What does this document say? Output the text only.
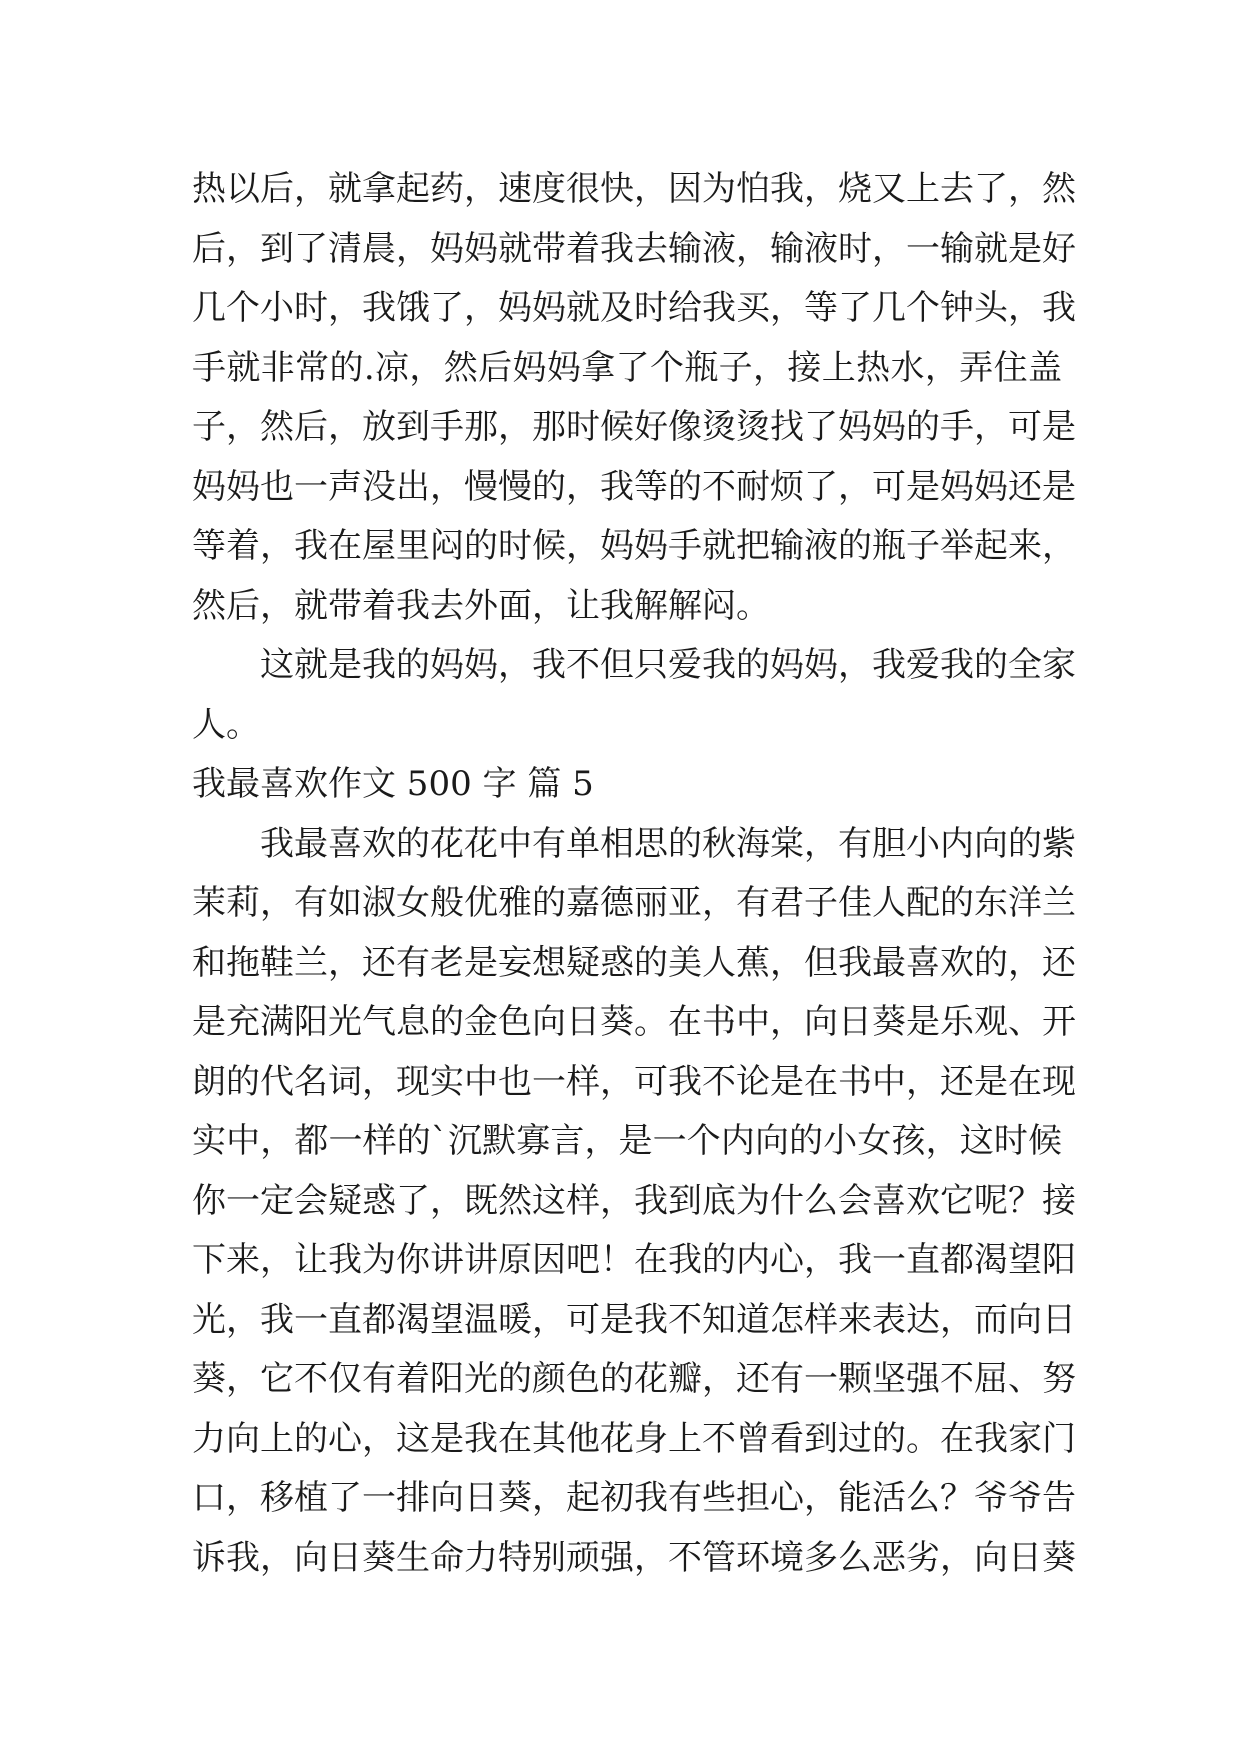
热以后，就拿起药，速度很快，因为怕我，烧又上去了，然
后，到了清晨，妈妈就带着我去输液，输液时，一输就是好
几个小时，我饿了，妈妈就及时给我买，等了几个钟头，我
手就非常的.凉，然后妈妈拿了个瓶子，接上热水，弄住盖
子，然后，放到手那，那时候好像烫烫找了妈妈的手，可是
妈妈也一声没出，慢慢的，我等的不耐烦了，可是妈妈还是
等着，我在屋里闷的时候，妈妈手就把输液的瓶子举起来，
然后，就带着我去外面，让我解解闷。
这就是我的妈妈，我不但只爱我的妈妈，我爱我的全家
人。
我最喜欢作文 500 字 篇 5
我最喜欢的花花中有单相思的秋海棠，有胆小内向的紫
茉莉，有如淑女般优雅的嘉德丽亚，有君子佳人配的东洋兰
和拖鞋兰，还有老是妄想疑惑的美人蕉，但我最喜欢的，还
是充满阳光气息的金色向日葵。在书中，向日葵是乐观、开
朗的代名词，现实中也一样，可我不论是在书中，还是在现
实中，都一样的`沉默寡言，是一个内向的小女孩，这时候
你一定会疑惑了，既然这样，我到底为什么会喜欢它呢？接
下来，让我为你讲讲原因吧！在我的内心，我一直都渴望阳
光，我一直都渴望温暖，可是我不知道怎样来表达，而向日
葵，它不仅有着阳光的颜色的花瓣，还有一颗坚强不屈、努
力向上的心，这是我在其他花身上不曾看到过的。在我家门
口，移植了一排向日葵，起初我有些担心，能活么？爷爷告
诉我，向日葵生命力特别顽强，不管环境多么恶劣，向日葵
